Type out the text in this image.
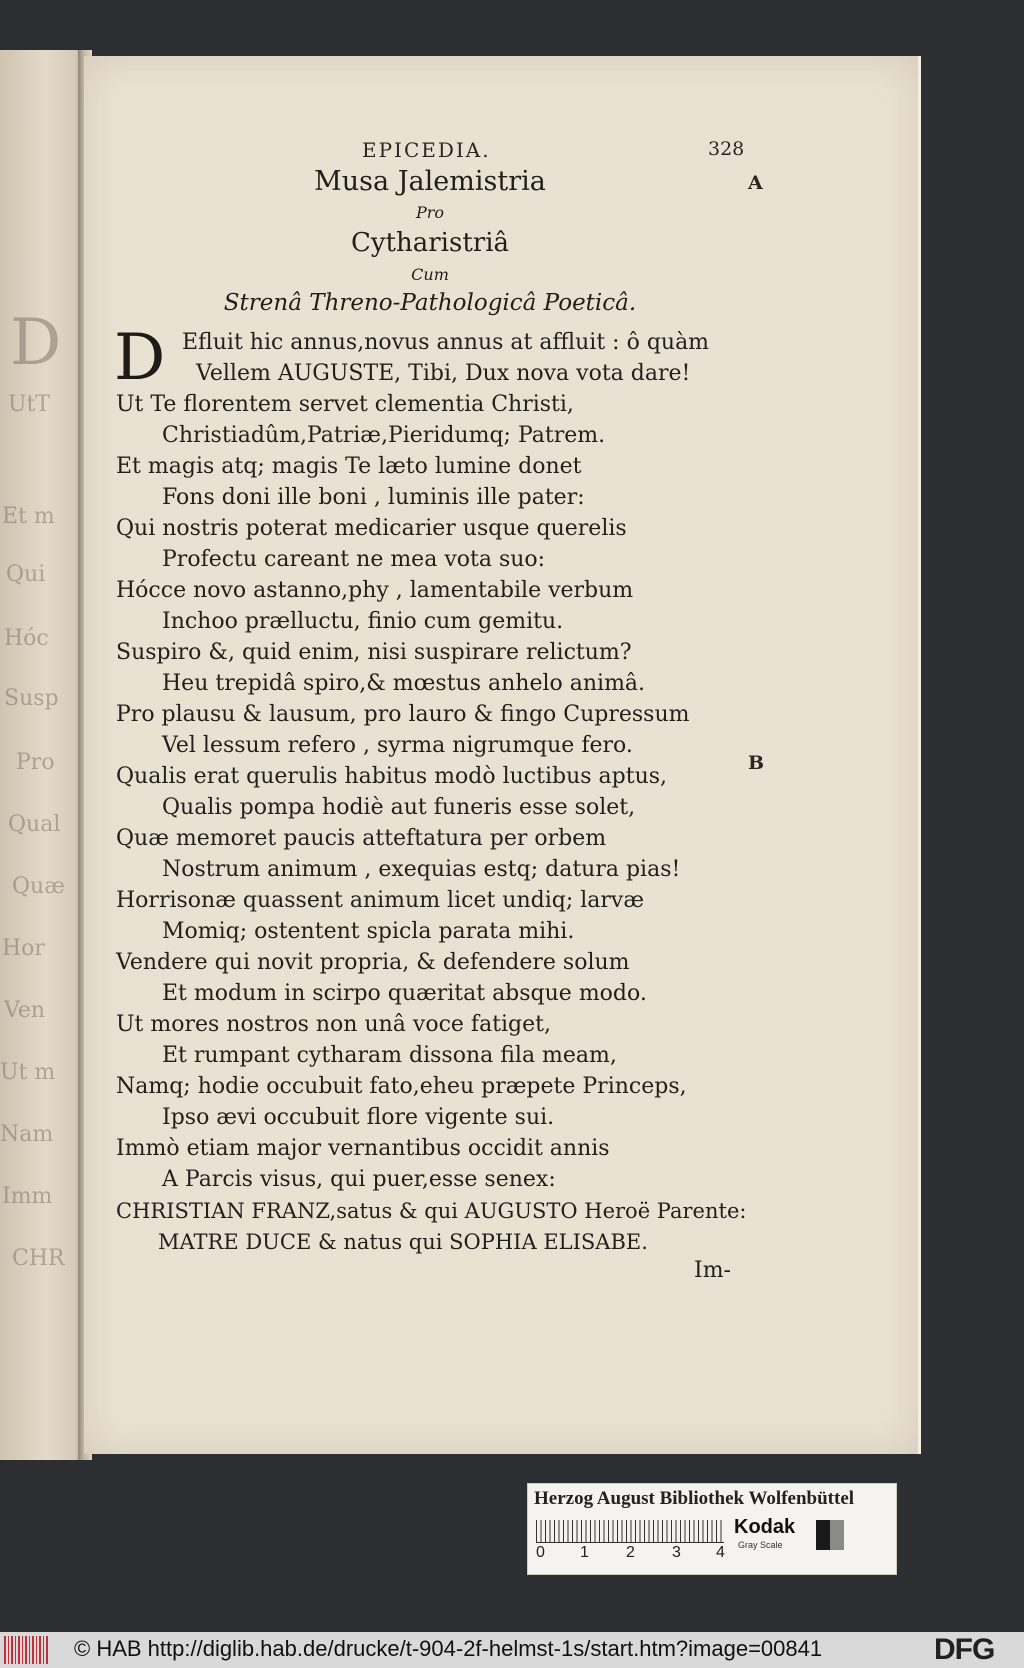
D
UtT
Et m
Qui
Hóc
Susp
Pro
Qual
Quæ
Hor
Ven
Ut m
Nam
Imm
CHR
EPICEDIA.	328
A
B
Musa Jalemistria
Pro
Cytharistriâ
Cum
Strenâ Threno-Pathologicâ Poeticâ.
D Efluit hic annus,novus annus at affluit : ô quàm
Vellem AUGUSTE, Tibi, Dux nova vota dare!
Ut Te florentem servet clementia Christi,
Christiadûm,Patriæ,Pieridumq; Patrem.
Et magis atq; magis Te læto lumine donet
Fons doni ille boni , luminis ille pater:
Qui nostris poterat medicarier usque querelis
Profectu careant ne mea vota suo:
Hócce novo astanno,phy , lamentabile verbum
Inchoo prælluctu, finio cum gemitu.
Suspiro &, quid enim, nisi suspirare relictum?
Heu trepidâ spiro,& mœstus anhelo animâ.
Pro plausu & lausum, pro lauro & fingo Cupressum
Vel lessum refero , syrma nigrumque fero.
Qualis erat querulis habitus modò luctibus aptus,
Qualis pompa hodiè aut funeris esse solet,
Quæ memoret paucis atteftatura per orbem
Nostrum animum , exequias estq; datura pias!
Horrisonæ quassent animum licet undiq; larvæ
Momiq; ostentent spicla parata mihi.
Vendere qui novit propria, & defendere solum
Et modum in scirpo quæritat absque modo.
Ut mores nostros non unâ voce fatiget,
Et rumpant cytharam dissona fila meam,
Namq; hodie occubuit fato,eheu præpete Princeps,
Ipso ævi occubuit flore vigente sui.
Immò etiam major vernantibus occidit annis
A Parcis visus, qui puer,esse senex:
CHRISTIAN FRANZ,satus & qui AUGUSTO Heroë Parente:
MATRE DUCE & natus qui SOPHIA ELISABE.
Im-
Herzog August Bibliothek Wolfenbüttel
0 1 2 3 4
Kodak
Gray Scale
© HAB http://diglib.hab.de/drucke/t-904-2f-helmst-1s/start.htm?image=00841	DFG
